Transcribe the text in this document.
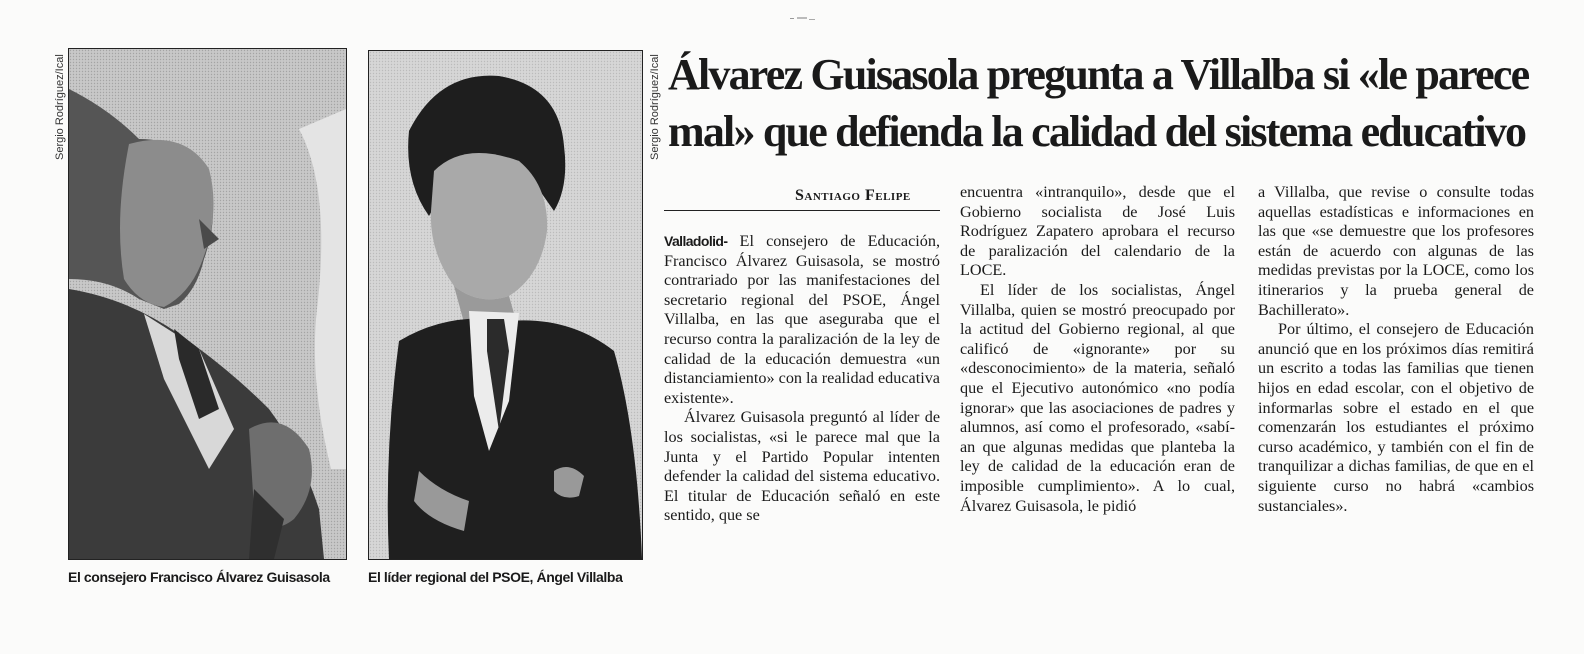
Sergio Rodríguez/Ical
El consejero Francisco Álvarez Guisasola	El líder regional del PSOE, Ángel Villalba
Sergio Rodríguez/Ical Álvarez Guisasola pregunta a Villalba si «le parece mal» que defienda la calidad del sistema educativo
Santiago Felipe

Valladolid- El consejero de Educación, Francisco Álvarez Guisasola, se mostró contrariado por las manifestaciones del secretario regional del PSOE, Ángel Villalba, en las que aseguraba que el recurso contra la paralización de la ley de calidad de la educación demuestra «un distanciamiento» con la realidad educativa existente».

Álvarez Guisasola preguntó al líder de los socialistas, «si le parece mal que la Junta y el Partido Popular intenten defender la calidad del sistema educativo. El titular de Educación señaló en este sentido, que se

encuentra «intranquilo», desde que el Gobierno socialista de José Luis Rodríguez Zapatero aprobara el recurso de paralización del calendario de la LOCE.

El líder de los socialistas, Ángel Villalba, quien se mostró preocupado por la actitud del Gobierno regional, al que calificó de «ignorante» por su «desconocimiento» de la materia, señaló que el Ejecutivo autonómico «no podía ignorar» que las asociaciones de padres y alumnos, así como el profesorado, «sabían que algunas medidas que planteba la ley de calidad de la educación eran de imposible cumplimiento». A lo cual, Álvarez Guisasola, le pidió

a Villalba, que revise o consulte todas aquellas estadísticas e informaciones en las que «se demuestre que los profesores están de acuerdo con algunas de las medidas previstas por la LOCE, como los itinerarios y la prueba general de Bachillerato».

Por último, el consejero de Educación anunció que en los próximos días remitirá un escrito a todas las familias que tienen hijos en edad escolar, con el objetivo de informarlas sobre el estado en el que comenzarán los estudiantes el próximo curso académico, y también con el fin de tranquilizar a dichas familias, de que en el siguiente curso no habrá «cambios sustanciales».
